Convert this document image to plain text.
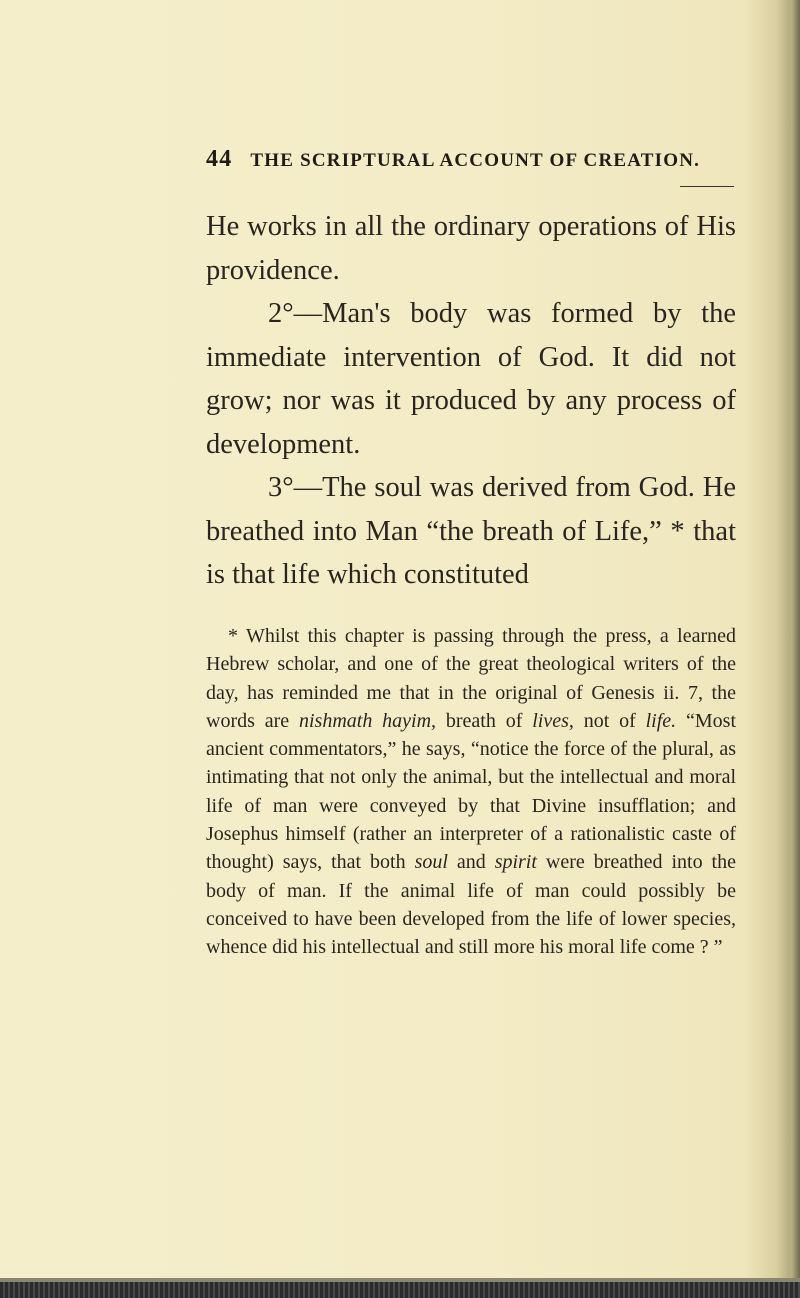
44 THE SCRIPTURAL ACCOUNT OF CREATION.

He works in all the ordinary operations of His providence.

2°—Man's body was formed by the immediate intervention of God. It did not grow; nor was it produced by any process of development.

3°—The soul was derived from God. He breathed into Man “the breath of Life,” * that is that life which constituted

* Whilst this chapter is passing through the press, a learned Hebrew scholar, and one of the great theological writers of the day, has reminded me that in the original of Genesis ii. 7, the words are nishmath hayim, breath of lives, not of life. “Most ancient commentators,” he says, “notice the force of the plural, as intimating that not only the animal, but the intellectual and moral life of man were conveyed by that Divine insufflation; and Josephus himself (rather an interpreter of a rationalistic caste of thought) says, that both soul and spirit were breathed into the body of man. If the animal life of man could possibly be conceived to have been developed from the life of lower species, whence did his intellectual and still more his moral life come ? ”
